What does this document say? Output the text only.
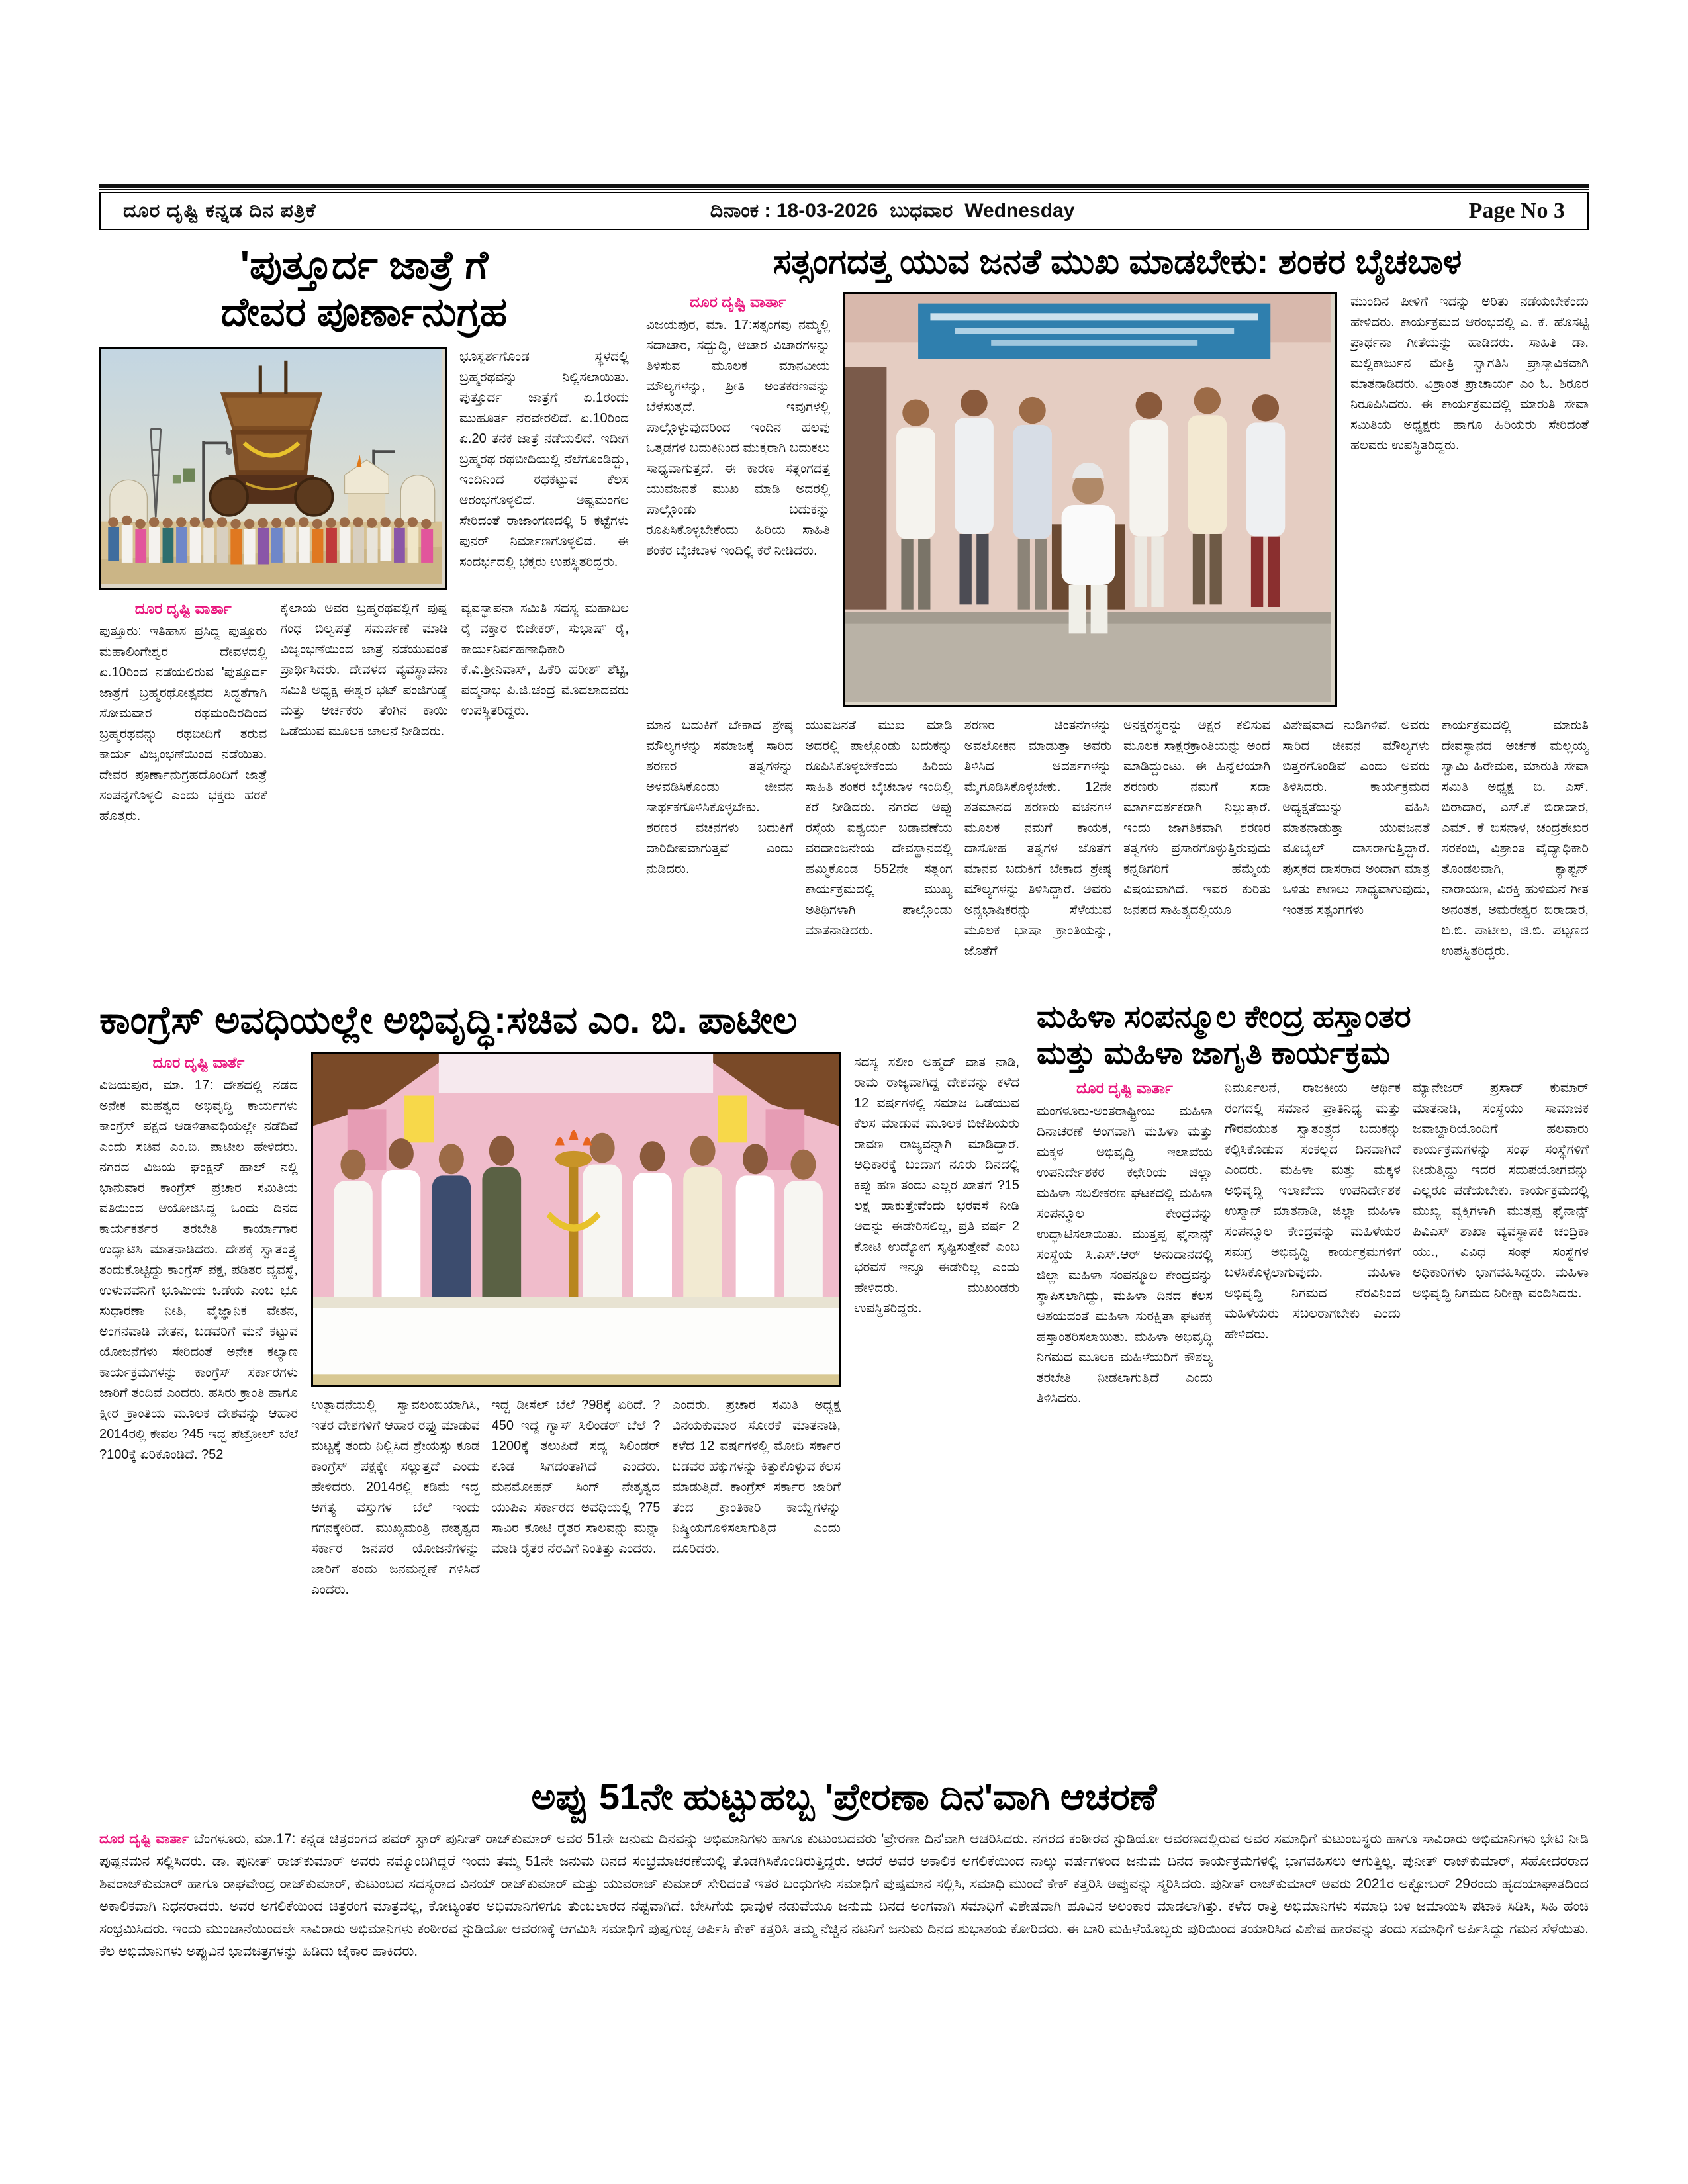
ದೂರ ದೃಷ್ಟಿ ಕನ್ನಡ ದಿನ ಪತ್ರಿಕೆ	ದಿನಾಂಕ : 18-03-2026 ಬುಧವಾರ Wednesday	Page No 3
'ಪುತ್ತೂರ್ದ ಜಾತ್ರೆ ಗೆ
ದೇವರ ಪೂರ್ಣಾನುಗ್ರಹ
ಭೂಸ್ಪರ್ಶಗೊಂಡ ಸ್ಥಳದಲ್ಲಿ ಬ್ರಹ್ಮರಥವನ್ನು ನಿಲ್ಲಿಸಲಾಯಿತು. ಪುತ್ತೂರ್ದ ಜಾತ್ರೆಗೆ ಏ.1ರಂದು ಮುಹೂರ್ತ ನೆರವೇರಲಿದೆ. ಏ.10ರಿಂದ ಏ.20 ತನಕ ಜಾತ್ರೆ ನಡೆಯಲಿದೆ. ಇದೀಗ ಬ್ರಹ್ಮರಥ ರಥಬೀದಿಯಲ್ಲಿ ನೆಲೆಗೊಂಡಿದ್ದು, ಇಂದಿನಿಂದ ರಥಕಟ್ಟುವ ಕೆಲಸ ಆರಂಭಗೊಳ್ಳಲಿದೆ. ಅಷ್ಟಮಂಗಲ ಸೇರಿದಂತೆ ರಾಜಾಂಗಣದಲ್ಲಿ 5 ಕಟ್ಟೆಗಳು ಪುನರ್ ನಿರ್ಮಾಣಗೊಳ್ಳಲಿವೆ. ಈ ಸಂದರ್ಭದಲ್ಲಿ ಭಕ್ತರು ಉಪಸ್ಥಿತರಿದ್ದರು.
ದೂರ ದೃಷ್ಟಿ ವಾರ್ತಾ
ಪುತ್ತೂರು: ಇತಿಹಾಸ ಪ್ರಸಿದ್ದ ಪುತ್ತೂರು ಮಹಾಲಿಂಗೇಶ್ವರ ದೇವಳದಲ್ಲಿ ಏ.10ರಿಂದ ನಡೆಯಲಿರುವ 'ಪುತ್ತೂರ್ದ ಜಾತ್ರೆಗೆ ಬ್ರಹ್ಮರಥೋತ್ಸವದ ಸಿದ್ಧತೆಗಾಗಿ ಸೋಮವಾರ ರಥಮಂದಿರದಿಂದ ಬ್ರಹ್ಮರಥವನ್ನು ರಥಬೀದಿಗೆ ತರುವ ಕಾರ್ಯ ವಿಜೃಂಭಣೆಯಿಂದ ನಡೆಯಿತು. ದೇವರ ಪೂರ್ಣಾನುಗ್ರಹದೊಂದಿಗೆ ಜಾತ್ರೆ ಸಂಪನ್ನಗೊಳ್ಳಲಿ ಎಂದು ಭಕ್ತರು ಹರಕೆ ಹೊತ್ತರು.
ಕೈಲಾಯ ಅವರ ಬ್ರಹ್ಮರಥವಲ್ಲಿಗೆ ಪುಷ್ಪ ಗಂಧ ಬಿಲ್ವಪತ್ರೆ ಸಮರ್ಪಣೆ ಮಾಡಿ ವಿಜೃಂಭಣೆಯಿಂದ ಜಾತ್ರೆ ನಡೆಯುವಂತೆ ಪ್ರಾರ್ಥಿಸಿದರು. ದೇವಳದ ವ್ಯವಸ್ಥಾಪನಾ ಸಮಿತಿ ಅಧ್ಯಕ್ಷ ಈಶ್ವರ ಭಟ್ ಪಂಜಿಗುಡ್ಡೆ ಮತ್ತು ಅರ್ಚಕರು ತೆಂಗಿನ ಕಾಯಿ ಒಡೆಯುವ ಮೂಲಕ ಚಾಲನೆ ನೀಡಿದರು.
ವ್ಯವಸ್ಥಾಪನಾ ಸಮಿತಿ ಸದಸ್ಯ ಮಹಾಬಲ ರೈ ವಕ್ತಾರ ಬಿಜೇಕರ್, ಸುಭಾಷ್ ರೈ, ಕಾರ್ಯನಿರ್ವಹಣಾಧಿಕಾರಿ ಕೆ.ವಿ.ಶ್ರೀನಿವಾಸ್, ಹಿಕೆರಿ ಹರೀಶ್ ಶೆಟ್ಟಿ, ಪದ್ಮನಾಭ ಪಿ.ಜಿ.ಚಂದ್ರ ಮೊದಲಾದವರು ಉಪಸ್ಥಿತರಿದ್ದರು.
ಸತ್ಸಂಗದತ್ತ ಯುವ ಜನತೆ ಮುಖ ಮಾಡಬೇಕು: ಶಂಕರ ಬೈಚಬಾಳ
ದೂರ ದೃಷ್ಟಿ ವಾರ್ತಾ
ವಿಜಯಪುರ, ಮಾ. 17:ಸತ್ಸಂಗವು ನಮ್ಮಲ್ಲಿ ಸದಾಚಾರ, ಸದ್ಬುದ್ಧಿ, ಆಚಾರ ವಿಚಾರಗಳನ್ನು ತಿಳಿಸುವ ಮೂಲಕ ಮಾನವೀಯ ಮೌಲ್ಯಗಳನ್ನು, ಪ್ರೀತಿ ಅಂತಕರಣವನ್ನು ಬೆಳೆಸುತ್ತದೆ. ಇವುಗಳಲ್ಲಿ ಪಾಲ್ಗೊಳ್ಳುವುದರಿಂದ ಇಂದಿನ ಹಲವು ಒತ್ತಡಗಳ ಬದುಕಿನಿಂದ ಮುಕ್ತರಾಗಿ ಬದುಕಲು ಸಾಧ್ಯವಾಗುತ್ತದೆ. ಈ ಕಾರಣ ಸತ್ಸಂಗದತ್ತ ಯುವಜನತೆ ಮುಖ ಮಾಡಿ ಅದರಲ್ಲಿ ಪಾಲ್ಗೊಂಡು ಬದುಕನ್ನು ರೂಪಿಸಿಕೊಳ್ಳಬೇಕೆಂದು ಹಿರಿಯ ಸಾಹಿತಿ ಶಂಕರ ಬೈಚಬಾಳ ಇಂದಿಲ್ಲಿ ಕರೆ ನೀಡಿದರು.
ಮುಂದಿನ ಪೀಳಿಗೆ ಇದನ್ನು ಅರಿತು ನಡೆಯಬೇಕೆಂದು ಹೇಳಿದರು. ಕಾರ್ಯಕ್ರಮದ ಆರಂಭದಲ್ಲಿ ಎ. ಕೆ. ಹೊಸಟ್ಟಿ ಪ್ರಾರ್ಥನಾ ಗೀತೆಯನ್ನು ಹಾಡಿದರು. ಸಾಹಿತಿ ಡಾ. ಮಲ್ಲಿಕಾರ್ಜುನ ಮೇತ್ರಿ ಸ್ವಾಗತಿಸಿ ಪ್ರಾಸ್ತಾವಿಕವಾಗಿ ಮಾತನಾಡಿದರು. ವಿಶ್ರಾಂತ ಪ್ರಾಚಾರ್ಯ ಎಂ ಓ. ಶಿರೂರ ನಿರೂಪಿಸಿದರು. ಈ ಕಾರ್ಯಕ್ರಮದಲ್ಲಿ ಮಾರುತಿ ಸೇವಾ ಸಮಿತಿಯ ಅಧ್ಯಕ್ಷರು ಹಾಗೂ ಹಿರಿಯರು ಸೇರಿದಂತೆ ಹಲವರು ಉಪಸ್ಥಿತರಿದ್ದರು.
ಮಾನ ಬದುಕಿಗೆ ಬೇಕಾದ ಶ್ರೇಷ್ಠ ಮೌಲ್ಯಗಳನ್ನು ಸಮಾಜಕ್ಕೆ ಸಾರಿದ ಶರಣರ ತತ್ವಗಳನ್ನು ಅಳವಡಿಸಿಕೊಂಡು ಜೀವನ ಸಾರ್ಥಕಗೊಳಿಸಿಕೊಳ್ಳಬೇಕು. ಶರಣರ ವಚನಗಳು ಬದುಕಿಗೆ ದಾರಿದೀಪವಾಗುತ್ತವೆ ಎಂದು ನುಡಿದರು.
ಯುವಜನತೆ ಮುಖ ಮಾಡಿ ಅದರಲ್ಲಿ ಪಾಲ್ಗೊಂಡು ಬದುಕನ್ನು ರೂಪಿಸಿಕೊಳ್ಳಬೇಕೆಂದು ಹಿರಿಯ ಸಾಹಿತಿ ಶಂಕರ ಬೈಚಬಾಳ ಇಂದಿಲ್ಲಿ ಕರೆ ನೀಡಿದರು. ನಗರದ ಅಪ್ಪು ರಸ್ತೆಯ ಐಶ್ವರ್ಯ ಬಡಾವಣೆಯ ವರದಾಂಜನೇಯ ದೇವಸ್ಥಾನದಲ್ಲಿ ಹಮ್ಮಿಕೊಂಡ 552ನೇ ಸತ್ಸಂಗ ಕಾರ್ಯಕ್ರಮದಲ್ಲಿ ಮುಖ್ಯ ಅತಿಥಿಗಳಾಗಿ ಪಾಲ್ಗೊಂಡು ಮಾತನಾಡಿದರು.
ಶರಣರ ಚಿಂತನೆಗಳನ್ನು ಅವಲೋಕನ ಮಾಡುತ್ತಾ ಅವರು ತಿಳಿಸಿದ ಆದರ್ಶಗಳನ್ನು ಮೈಗೂಡಿಸಿಕೊಳ್ಳಬೇಕು. 12ನೇ ಶತಮಾನದ ಶರಣರು ವಚನಗಳ ಮೂಲಕ ನಮಗೆ ಕಾಯಕ, ದಾಸೋಹ ತತ್ವಗಳ ಜೊತೆಗೆ ಮಾನವ ಬದುಕಿಗೆ ಬೇಕಾದ ಶ್ರೇಷ್ಠ ಮೌಲ್ಯಗಳನ್ನು ತಿಳಿಸಿದ್ದಾರೆ. ಅವರು ಅನ್ಯಭಾಷಿಕರನ್ನು ಸೆಳೆಯುವ ಮೂಲಕ ಭಾಷಾ ಕ್ರಾಂತಿಯನ್ನು, ಜೊತೆಗೆ
ಅನಕ್ಷರಸ್ಥರನ್ನು ಅಕ್ಷರ ಕಲಿಸುವ ಮೂಲಕ ಸಾಕ್ಷರಕ್ರಾಂತಿಯನ್ನು ಅಂದೆ ಮಾಡಿದ್ದುಂಟು. ಈ ಹಿನ್ನೆಲೆಯಾಗಿ ಶರಣರು ನಮಗೆ ಸದಾ ಮಾರ್ಗದರ್ಶಕರಾಗಿ ನಿಲ್ಲುತ್ತಾರೆ. ಇಂದು ಜಾಗತಿಕವಾಗಿ ಶರಣರ ತತ್ವಗಳು ಪ್ರಸಾರಗೊಳ್ಳುತ್ತಿರುವುದು ಕನ್ನಡಿಗರಿಗೆ ಹೆಮ್ಮೆಯ ವಿಷಯವಾಗಿದೆ. ಇವರ ಕುರಿತು ಜನಪದ ಸಾಹಿತ್ಯದಲ್ಲಿಯೂ
ವಿಶೇಷವಾದ ನುಡಿಗಳಿವೆ. ಅವರು ಸಾರಿದ ಜೀವನ ಮೌಲ್ಯಗಳು ಬಿತ್ತರಗೊಂಡಿವೆ ಎಂದು ಅವರು ತಿಳಿಸಿದರು. ಕಾರ್ಯಕ್ರಮದ ಅಧ್ಯಕ್ಷತೆಯನ್ನು ವಹಿಸಿ ಮಾತನಾಡುತ್ತಾ ಯುವಜನತೆ ಮೊಬೈಲ್ ದಾಸರಾಗುತ್ತಿದ್ದಾರೆ. ಪುಸ್ತಕದ ದಾಸರಾದ ಅಂದಾಗ ಮಾತ್ರ ಒಳಿತು ಕಾಣಲು ಸಾಧ್ಯವಾಗುವುದು, ಇಂತಹ ಸತ್ಸಂಗಗಳು
ಕಾರ್ಯಕ್ರಮದಲ್ಲಿ ಮಾರುತಿ ದೇವಸ್ಥಾನದ ಅರ್ಚಕ ಮಲ್ಲಯ್ಯ ಸ್ವಾಮಿ ಹಿರೇಮಠ, ಮಾರುತಿ ಸೇವಾ ಸಮಿತಿ ಅಧ್ಯಕ್ಷ ಬಿ. ಎಸ್. ಬಿರಾದಾರ, ಎಸ್.ಕೆ ಬಿರಾದಾರ, ಎಮ್. ಕೆ ಬಿಸನಾಳ, ಚಂದ್ರಶೇಖರ ಸರಕಂಬಿ, ವಿಶ್ರಾಂತ ವೈದ್ಯಾಧಿಕಾರಿ ತೊಂಡಲವಾಗಿ, ಕ್ಯಾಪ್ಟನ್ ನಾರಾಯಣ, ವಿರಕ್ತಿ ಹುಳಿಮನೆ ಗೀತ ಅನಂತಶ, ಅಮರೇಶ್ವರ ಬಿರಾದಾರ, ಬಿ.ಬಿ. ಪಾಟೀಲ, ಜಿ.ಬಿ. ಪಟ್ಟಣದ ಉಪಸ್ಥಿತರಿದ್ದರು.
ಕಾಂಗ್ರೆಸ್ ಅವಧಿಯಲ್ಲೇ ಅಭಿವೃದ್ಧಿ:ಸಚಿವ ಎಂ. ಬಿ. ಪಾಟೀಲ
ದೂರ ದೃಷ್ಟಿ ವಾರ್ತೆ
ವಿಜಯಪುರ, ಮಾ. 17: ದೇಶದಲ್ಲಿ ನಡೆದ ಅನೇಕ ಮಹತ್ವದ ಅಭಿವೃದ್ಧಿ ಕಾರ್ಯಗಳು ಕಾಂಗ್ರೆಸ್ ಪಕ್ಷದ ಆಡಳಿತಾವಧಿಯಲ್ಲೇ ನಡೆದಿವೆ ಎಂದು ಸಚಿವ ಎಂ.ಬಿ. ಪಾಟೀಲ ಹೇಳಿದರು. ನಗರದ ವಿಜಯ ಘಂಕ್ಷನ್ ಹಾಲ್ ನಲ್ಲಿ ಭಾನುವಾರ ಕಾಂಗ್ರೆಸ್ ಪ್ರಚಾರ ಸಮಿತಿಯ ವತಿಯಿಂದ ಆಯೋಜಿಸಿದ್ದ ಒಂದು ದಿನದ ಕಾರ್ಯಕರ್ತರ ತರಬೇತಿ ಕಾರ್ಯಾಗಾರ ಉದ್ಘಾಟಿಸಿ ಮಾತನಾಡಿದರು. ದೇಶಕ್ಕೆ ಸ್ವಾತಂತ್ರ್ಯ ತಂದುಕೊಟ್ಟಿದ್ದು ಕಾಂಗ್ರೆಸ್ ಪಕ್ಷ, ಪಡಿತರ ವ್ಯವಸ್ಥೆ, ಉಳುವವನಿಗೆ ಭೂಮಿಯ ಒಡೆಯ ಎಂಬ ಭೂ ಸುಧಾರಣಾ ನೀತಿ, ವೈಜ್ಞಾನಿಕ ವೇತನ, ಅಂಗನವಾಡಿ ವೇತನ, ಬಡವರಿಗೆ ಮನೆ ಕಟ್ಟುವ ಯೋಜನೆಗಳು ಸೇರಿದಂತೆ ಅನೇಕ ಕಲ್ಯಾಣ ಕಾರ್ಯಕ್ರಮಗಳನ್ನು ಕಾಂಗ್ರೆಸ್ ಸರ್ಕಾರಗಳು ಜಾರಿಗೆ ತಂದಿವೆ ಎಂದರು. ಹಸಿರು ಕ್ರಾಂತಿ ಹಾಗೂ ಕ್ಷೀರ ಕ್ರಾಂತಿಯ ಮೂಲಕ ದೇಶವನ್ನು ಆಹಾರ 2014ರಲ್ಲಿ ಕೇವಲ ?45 ಇದ್ದ ಪೆಟ್ರೋಲ್ ಬೆಲೆ ?100ಕ್ಕೆ ಏರಿಕೊಂಡಿದೆ. ?52
ಉತ್ಪಾದನೆಯಲ್ಲಿ ಸ್ವಾವಲಂಬಿಯಾಗಿಸಿ, ಇತರ ದೇಶಗಳಿಗೆ ಆಹಾರ ರಫ್ತು ಮಾಡುವ ಮಟ್ಟಕ್ಕೆ ತಂದು ನಿಲ್ಲಿಸಿದ ಶ್ರೇಯಸ್ಸು ಕೂಡ ಕಾಂಗ್ರೆಸ್ ಪಕ್ಷಕ್ಕೇ ಸಲ್ಲುತ್ತದೆ ಎಂದು ಹೇಳಿದರು. 2014ರಲ್ಲಿ ಕಡಿಮೆ ಇದ್ದ ಅಗತ್ಯ ವಸ್ತುಗಳ ಬೆಲೆ ಇಂದು ಗಗನಕ್ಕೇರಿದೆ. ಮುಖ್ಯಮಂತ್ರಿ ನೇತೃತ್ವದ ಸರ್ಕಾರ ಜನಪರ ಯೋಜನೆಗಳನ್ನು ಜಾರಿಗೆ ತಂದು ಜನಮನ್ನಣೆ ಗಳಿಸಿದೆ ಎಂದರು.
ಇದ್ದ ಡೀಸೆಲ್ ಬೆಲೆ ?98ಕ್ಕೆ ಏರಿದೆ. ?450 ಇದ್ದ ಗ್ಯಾಸ್ ಸಿಲಿಂಡರ್ ಬೆಲೆ ?1200ಕ್ಕೆ ತಲುಪಿದೆ ಸದ್ಯ ಸಿಲಿಂಡರ್ ಕೂಡ ಸಿಗದಂತಾಗಿದೆ ಎಂದರು. ಮನಮೋಹನ್ ಸಿಂಗ್ ನೇತೃತ್ವದ ಯುಪಿಎ ಸರ್ಕಾರದ ಅವಧಿಯಲ್ಲಿ ?75 ಸಾವಿರ ಕೋಟಿ ರೈತರ ಸಾಲವನ್ನು ಮನ್ನಾ ಮಾಡಿ ರೈತರ ನೆರವಿಗೆ ನಿಂತಿತ್ತು ಎಂದರು.
ಎಂದರು. ಪ್ರಚಾರ ಸಮಿತಿ ಅಧ್ಯಕ್ಷ ವಿನಯಕುಮಾರ ಸೋರಕೆ ಮಾತನಾಡಿ, ಕಳೆದ 12 ವರ್ಷಗಳಲ್ಲಿ ಮೋದಿ ಸರ್ಕಾರ ಬಡವರ ಹಕ್ಕುಗಳನ್ನು ಕಿತ್ತುಕೊಳ್ಳುವ ಕೆಲಸ ಮಾಡುತ್ತಿದೆ. ಕಾಂಗ್ರೆಸ್ ಸರ್ಕಾರ ಜಾರಿಗೆ ತಂದ ಕ್ರಾಂತಿಕಾರಿ ಕಾಯ್ದೆಗಳನ್ನು ನಿಷ್ಕ್ರಿಯಗೊಳಿಸಲಾಗುತ್ತಿದೆ ಎಂದು ದೂರಿದರು.
ಸದಸ್ಯ ಸಲೀಂ ಅಹ್ಮದ್ ವಾತ ನಾಡಿ, ರಾಮ ರಾಜ್ಯವಾಗಿದ್ದ ದೇಶವನ್ನು ಕಳೆದ 12 ವರ್ಷಗಳಲ್ಲಿ ಸಮಾಜ ಒಡೆಯುವ ಕೆಲಸ ಮಾಡುವ ಮೂಲಕ ಬಿಜೆಪಿಯರು ರಾವಣ ರಾಜ್ಯವನ್ನಾಗಿ ಮಾಡಿದ್ದಾರೆ. ಅಧಿಕಾರಕ್ಕೆ ಬಂದಾಗ ನೂರು ದಿನದಲ್ಲಿ ಕಪ್ಪು ಹಣ ತಂದು ಎಲ್ಲರ ಖಾತೆಗೆ ?15 ಲಕ್ಷ ಹಾಕುತ್ತೇವೆಂದು ಭರವಸೆ ನೀಡಿ ಅದನ್ನು ಈಡೇರಿಸಲಿಲ್ಲ, ಪ್ರತಿ ವರ್ಷ 2 ಕೋಟಿ ಉದ್ಯೋಗ ಸೃಷ್ಟಿಸುತ್ತೇವೆ ಎಂಬ ಭರವಸೆ ಇನ್ನೂ ಈಡೇರಿಲ್ಲ ಎಂದು ಹೇಳಿದರು. ಮುಖಂಡರು ಉಪಸ್ಥಿತರಿದ್ದರು.
ಮಹಿಳಾ ಸಂಪನ್ಮೂಲ ಕೇಂದ್ರ ಹಸ್ತಾಂತರ
ಮತ್ತು ಮಹಿಳಾ ಜಾಗೃತಿ ಕಾರ್ಯಕ್ರಮ
ದೂರ ದೃಷ್ಟಿ ವಾರ್ತಾ
ಮಂಗಳೂರು-ಅಂತರಾಷ್ಟ್ರೀಯ ಮಹಿಳಾ ದಿನಾಚರಣೆ ಅಂಗವಾಗಿ ಮಹಿಳಾ ಮತ್ತು ಮಕ್ಕಳ ಅಭಿವೃದ್ಧಿ ಇಲಾಖೆಯ ಉಪನಿರ್ದೇಶಕರ ಕಛೇರಿಯ ಜಿಲ್ಲಾ ಮಹಿಳಾ ಸಬಲೀಕರಣ ಘಟಕದಲ್ಲಿ ಮಹಿಳಾ ಸಂಪನ್ಮೂಲ ಕೇಂದ್ರವನ್ನು ಉದ್ಘಾಟಿಸಲಾಯಿತು. ಮುತ್ತಪ್ಪ ಫೈನಾನ್ಸ್ ಸಂಸ್ಥೆಯ ಸಿ.ಎಸ್.ಆರ್ ಅನುದಾನದಲ್ಲಿ ಜಿಲ್ಲಾ ಮಹಿಳಾ ಸಂಪನ್ಮೂಲ ಕೇಂದ್ರವನ್ನು ಸ್ಥಾಪಿಸಲಾಗಿದ್ದು, ಮಹಿಳಾ ದಿನದ ಕೆಲಸ ಆಶಯದಂತೆ ಮಹಿಳಾ ಸುರಕ್ಷಿತಾ ಘಟಕಕ್ಕೆ ಹಸ್ತಾಂತರಿಸಲಾಯಿತು. ಮಹಿಳಾ ಅಭಿವೃದ್ಧಿ ನಿಗಮದ ಮೂಲಕ ಮಹಿಳೆಯರಿಗೆ ಕೌಶಲ್ಯ ತರಬೇತಿ ನೀಡಲಾಗುತ್ತಿದೆ ಎಂದು ತಿಳಿಸಿದರು.
ನಿರ್ಮೂಲನೆ, ರಾಜಕೀಯ ಆರ್ಥಿಕ ರಂಗದಲ್ಲಿ ಸಮಾನ ಪ್ರಾತಿನಿಧ್ಯ ಮತ್ತು ಗೌರವಯುತ ಸ್ವಾತಂತ್ರ್ಯದ ಬದುಕನ್ನು ಕಲ್ಪಿಸಿಕೊಡುವ ಸಂಕಲ್ಪದ ದಿನವಾಗಿದೆ ಎಂದರು. ಮಹಿಳಾ ಮತ್ತು ಮಕ್ಕಳ ಅಭಿವೃದ್ಧಿ ಇಲಾಖೆಯ ಉಪನಿರ್ದೇಶಕ ಉಸ್ಮಾನ್ ಮಾತನಾಡಿ, ಜಿಲ್ಲಾ ಮಹಿಳಾ ಸಂಪನ್ಮೂಲ ಕೇಂದ್ರವನ್ನು ಮಹಿಳೆಯರ ಸಮಗ್ರ ಅಭಿವೃದ್ಧಿ ಕಾರ್ಯಕ್ರಮಗಳಿಗೆ ಬಳಸಿಕೊಳ್ಳಲಾಗುವುದು. ಮಹಿಳಾ ಅಭಿವೃದ್ಧಿ ನಿಗಮದ ನೆರವಿನಿಂದ ಮಹಿಳೆಯರು ಸಬಲರಾಗಬೇಕು ಎಂದು ಹೇಳಿದರು.
ಮ್ಯಾನೇಜರ್ ಪ್ರಸಾದ್ ಕುಮಾರ್ ಮಾತನಾಡಿ, ಸಂಸ್ಥೆಯು ಸಾಮಾಜಿಕ ಜವಾಬ್ದಾರಿಯೊಂದಿಗೆ ಹಲವಾರು ಕಾರ್ಯಕ್ರಮಗಳನ್ನು ಸಂಘ ಸಂಸ್ಥೆಗಳಿಗೆ ನೀಡುತ್ತಿದ್ದು ಇದರ ಸದುಪಯೋಗವನ್ನು ಎಲ್ಲರೂ ಪಡೆಯಬೇಕು. ಕಾರ್ಯಕ್ರಮದಲ್ಲಿ ಮುಖ್ಯ ವ್ಯಕ್ತಿಗಳಾಗಿ ಮುತ್ತಪ್ಪ ಫೈನಾನ್ಸ್ ಪಿವಿಎಸ್ ಶಾಖಾ ವ್ಯವಸ್ಥಾಪಕಿ ಚಂದ್ರಿಕಾ ಯು., ವಿವಿಧ ಸಂಘ ಸಂಸ್ಥೆಗಳ ಅಧಿಕಾರಿಗಳು ಭಾಗವಹಿಸಿದ್ದರು. ಮಹಿಳಾ ಅಭಿವೃದ್ಧಿ ನಿಗಮದ ನಿರೀಕ್ಷಾ ವಂದಿಸಿದರು.
ಅಪ್ಪು 51ನೇ ಹುಟ್ಟುಹಬ್ಬ 'ಪ್ರೇರಣಾ ದಿನ'ವಾಗಿ ಆಚರಣೆ
ದೂರ ದೃಷ್ಟಿ ವಾರ್ತಾ ಬೆಂಗಳೂರು, ಮಾ.17: ಕನ್ನಡ ಚಿತ್ರರಂಗದ ಪವರ್ ಸ್ಟಾರ್ ಪುನೀತ್ ರಾಜ್‌ಕುಮಾರ್ ಅವರ 51ನೇ ಜನುಮ ದಿನವನ್ನು ಅಭಿಮಾನಿಗಳು ಹಾಗೂ ಕುಟುಂಬದವರು 'ಪ್ರೇರಣಾ ದಿನ'ವಾಗಿ ಆಚರಿಸಿದರು. ನಗರದ ಕಂಠೀರವ ಸ್ಟುಡಿಯೋ ಆವರಣದಲ್ಲಿರುವ ಅವರ ಸಮಾಧಿಗೆ ಕುಟುಂಬಸ್ಥರು ಹಾಗೂ ಸಾವಿರಾರು ಅಭಿಮಾನಿಗಳು ಭೇಟಿ ನೀಡಿ ಪುಷ್ಪನಮನ ಸಲ್ಲಿಸಿದರು. ಡಾ. ಪುನೀತ್ ರಾಜ್‌ಕುಮಾರ್ ಅವರು ನಮ್ಮೊಂದಿಗಿದ್ದರೆ ಇಂದು ತಮ್ಮ 51ನೇ ಜನುಮ ದಿನದ ಸಂಭ್ರಮಾಚರಣೆಯಲ್ಲಿ ತೊಡಗಿಸಿಕೊಂಡಿರುತ್ತಿದ್ದರು. ಆದರೆ ಅವರ ಅಕಾಲಿಕ ಅಗಲಿಕೆಯಿಂದ ನಾಲ್ಕು ವರ್ಷಗಳಿಂದ ಜನುಮ ದಿನದ ಕಾರ್ಯಕ್ರಮಗಳಲ್ಲಿ ಭಾಗವಹಿಸಲು ಆಗುತ್ತಿಲ್ಲ. ಪುನೀತ್ ರಾಜ್‌ಕುಮಾರ್, ಸಹೋದರರಾದ ಶಿವರಾಜ್‌ಕುಮಾರ್ ಹಾಗೂ ರಾಘವೇಂದ್ರ ರಾಜ್‌ಕುಮಾರ್, ಕುಟುಂಬದ ಸದಸ್ಯರಾದ ವಿನಯ್ ರಾಜ್‌ಕುಮಾರ್ ಮತ್ತು ಯುವರಾಜ್ ಕುಮಾರ್ ಸೇರಿದಂತೆ ಇತರ ಬಂಧುಗಳು ಸಮಾಧಿಗೆ ಪುಷ್ಪಮಾನ ಸಲ್ಲಿಸಿ, ಸಮಾಧಿ ಮುಂದೆ ಕೇಕ್ ಕತ್ತರಿಸಿ ಅಪ್ಪುವನ್ನು ಸ್ಮರಿಸಿದರು. ಪುನೀತ್ ರಾಜ್‌ಕುಮಾರ್ ಅವರು 2021ರ ಅಕ್ಟೋಬರ್ 29ರಂದು ಹೃದಯಾಘಾತದಿಂದ ಅಕಾಲಿಕವಾಗಿ ನಿಧನರಾದರು. ಅವರ ಅಗಲಿಕೆಯಿಂದ ಚಿತ್ರರಂಗ ಮಾತ್ರವಲ್ಲ, ಕೋಟ್ಯಂತರ ಅಭಿಮಾನಿಗಳಿಗೂ ತುಂಬಲಾರದ ನಷ್ಟವಾಗಿದೆ. ಬೇಸಿಗೆಯ ಧಾವುಳ ನಡುವೆಯೂ ಜನುಮ ದಿನದ ಅಂಗವಾಗಿ ಸಮಾಧಿಗೆ ವಿಶೇಷವಾಗಿ ಹೂವಿನ ಅಲಂಕಾರ ಮಾಡಲಾಗಿತ್ತು. ಕಳೆದ ರಾತ್ರಿ ಅಭಿಮಾನಿಗಳು ಸಮಾಧಿ ಬಳಿ ಜಮಾಯಿಸಿ ಪಟಾಕಿ ಸಿಡಿಸಿ, ಸಿಹಿ ಹಂಚಿ ಸಂಭ್ರಮಿಸಿದರು. ಇಂದು ಮುಂಜಾನೆಯಿಂದಲೇ ಸಾವಿರಾರು ಅಭಿಮಾನಿಗಳು ಕಂಠೀರವ ಸ್ಟುಡಿಯೋ ಆವರಣಕ್ಕೆ ಆಗಮಿಸಿ ಸಮಾಧಿಗೆ ಪುಷ್ಪಗುಚ್ಛ ಅರ್ಪಿಸಿ ಕೇಕ್ ಕತ್ತರಿಸಿ ತಮ್ಮ ನೆಚ್ಚಿನ ನಟನಿಗೆ ಜನುಮ ದಿನದ ಶುಭಾಶಯ ಕೋರಿದರು. ಈ ಬಾರಿ ಮಹಿಳೆಯೊಬ್ಬರು ಪುರಿಯಿಂದ ತಯಾರಿಸಿದ ವಿಶೇಷ ಹಾರವನ್ನು ತಂದು ಸಮಾಧಿಗೆ ಅರ್ಪಿಸಿದ್ದು ಗಮನ ಸೆಳೆಯಿತು. ಕೆಲ ಅಭಿಮಾನಿಗಳು ಅಪ್ಪುವಿನ ಭಾವಚಿತ್ರಗಳನ್ನು ಹಿಡಿದು ಜೈಕಾರ ಹಾಕಿದರು.
